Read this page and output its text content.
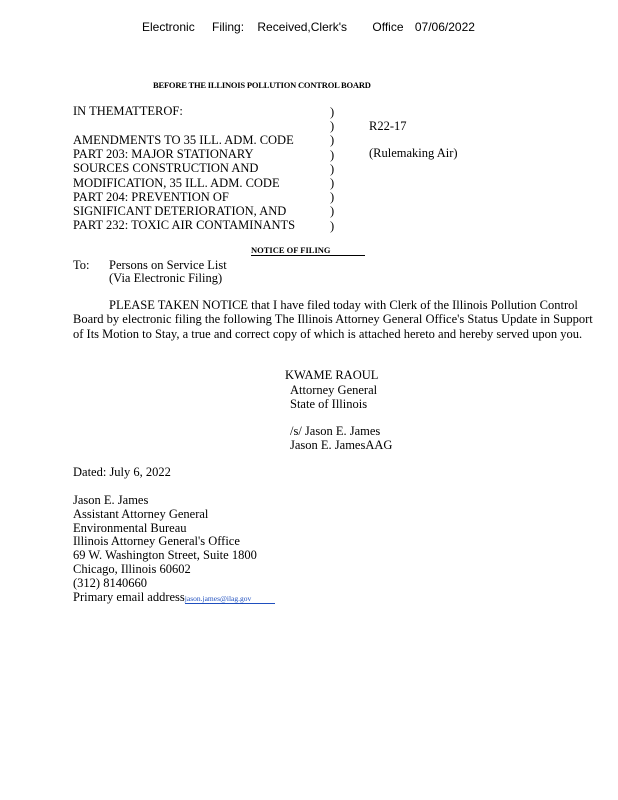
Electronic Filing: Received,Clerk's Office 07/06/2022
BEFORE THE ILLINOIS POLLUTION CONTROL BOARD
IN THEMATTEROF:
AMENDMENTS TO 35 ILL. ADM. CODE
PART 203: MAJOR STATIONARY
SOURCES CONSTRUCTION AND
MODIFICATION, 35 ILL. ADM. CODE
PART 204: PREVENTION OF
SIGNIFICANT DETERIORATION, AND
PART 232: TOXIC AIR CONTAMINANTS
)
)
)
)
)
)
)
)
)
R22-17
(Rulemaking Air)
NOTICE OF FILING
To: Persons on Service List
(Via Electronic Filing)

PLEASE TAKEN NOTICE that I have filed today with Clerk of the Illinois Pollution Control Board by electronic filing the following The Illinois Attorney General Office's Status Update in Support of Its Motion to Stay, a true and correct copy of which is attached hereto and hereby served upon you.

KWAME RAOUL
Attorney General
State of Illinois
/s/ Jason E. James
Jason E. JamesAAG
Dated: July 6, 2022
Jason E. James
Assistant Attorney General
Environmental Bureau
Illinois Attorney General's Office
69 W. Washington Street, Suite 1800
Chicago, Illinois 60602
(312) 8140660
Primary email addressjason.james@ilag.gov
